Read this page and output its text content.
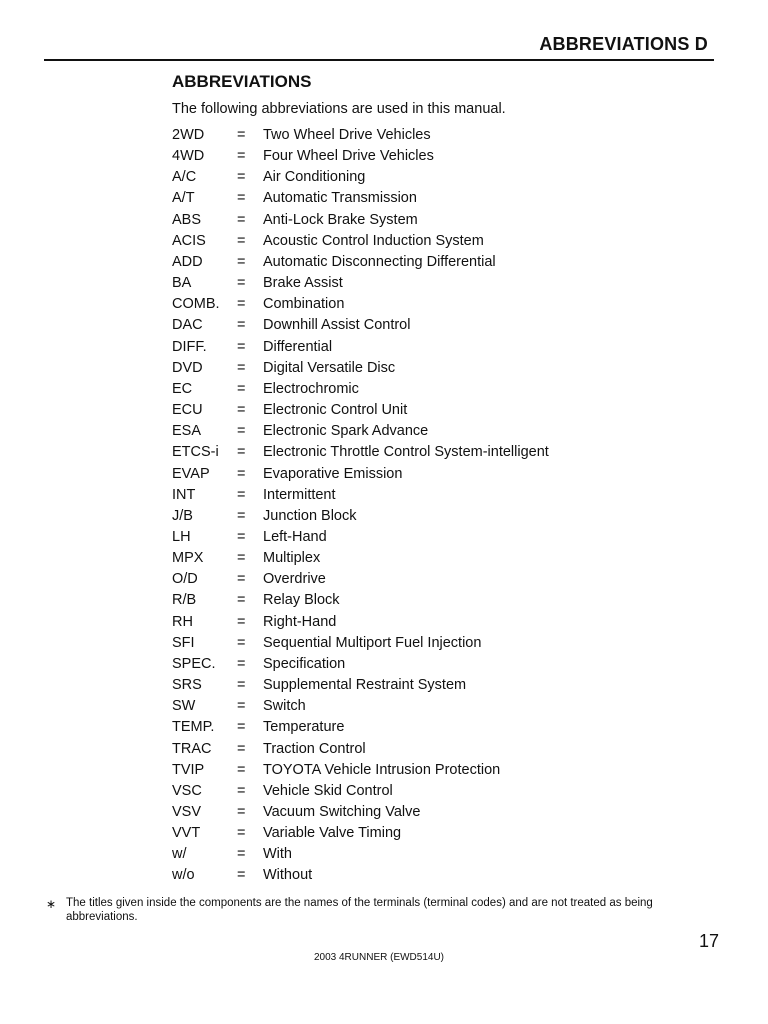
ABBREVIATIONS D
ABBREVIATIONS
The following abbreviations are used in this manual.
2WD = Two Wheel Drive Vehicles
4WD = Four Wheel Drive Vehicles
A/C	= Air Conditioning
A/T	= Automatic Transmission
ABS = Anti-Lock Brake System
ACIS = Acoustic Control Induction System
ADD = Automatic Disconnecting Differential
BA	= Brake Assist
COMB. = Combination
DAC = Downhill Assist Control
DIFF. = Differential
DVD = Digital Versatile Disc
EC	= Electrochromic
ECU = Electronic Control Unit
ESA = Electronic Spark Advance
ETCS-i = Electronic Throttle Control System-intelligent
EVAP = Evaporative Emission
INT	= Intermittent
J/B	= Junction Block
LH	= Left-Hand
MPX = Multiplex
O/D	= Overdrive
R/B	= Relay Block
RH	= Right-Hand
SFI	= Sequential Multiport Fuel Injection
SPEC. = Specification
SRS = Supplemental Restraint System
SW	= Switch
TEMP. = Temperature
TRAC = Traction Control
TVIP = TOYOTA Vehicle Intrusion Protection
VSC = Vehicle Skid Control
VSV = Vacuum Switching Valve
VVT	= Variable Valve Timing
w/	= With
w/o	= Without
∗ The titles given inside the components are the names of the terminals (terminal codes) and are not treated as being abbreviations.
17
2003 4RUNNER (EWD514U)
